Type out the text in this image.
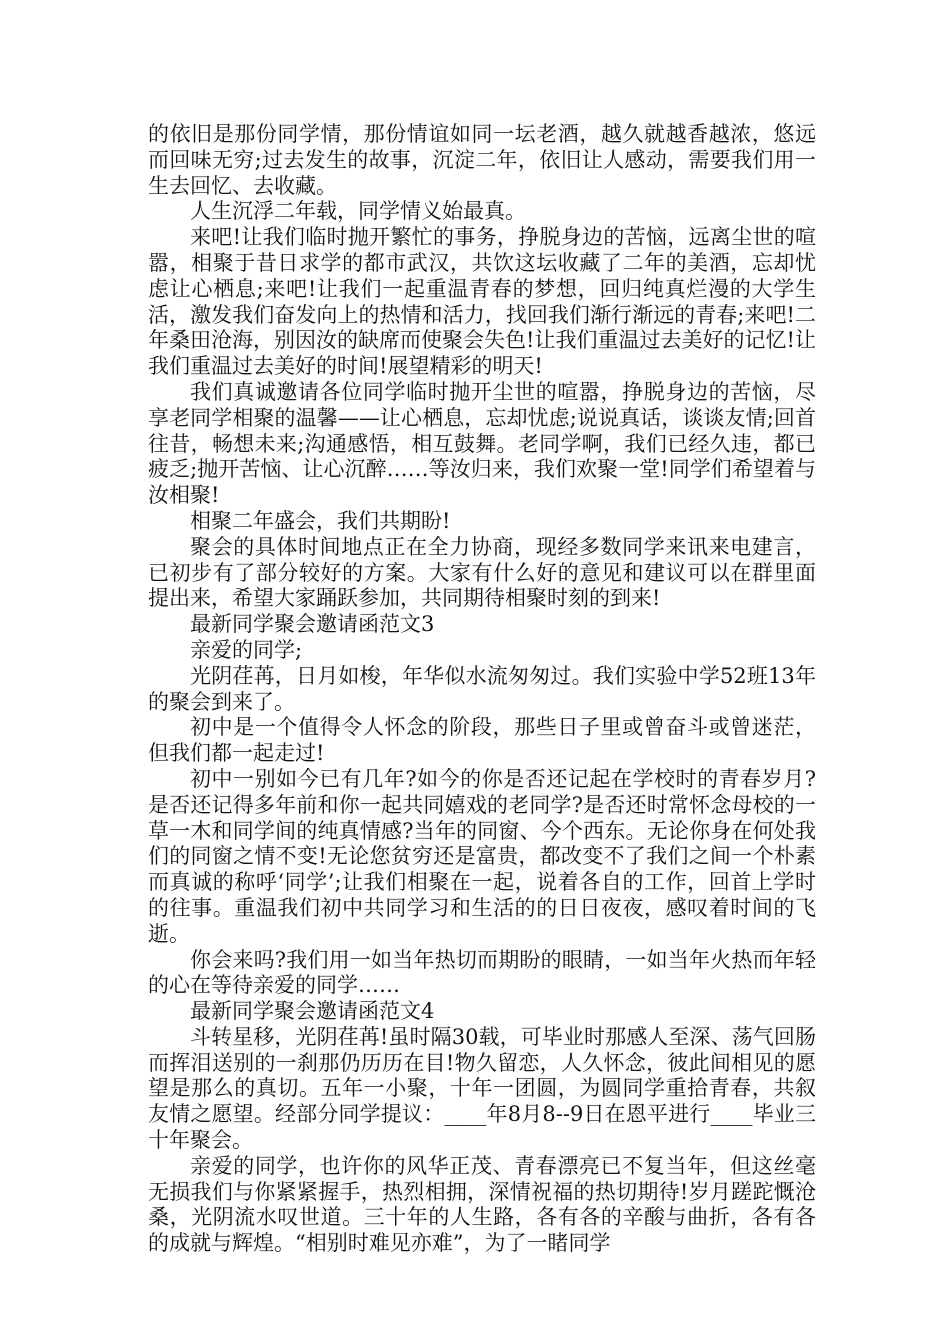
的依旧是那份同学情，那份情谊如同一坛老酒，越久就越香越浓，悠远而回味无穷;过去发生的故事，沉淀二年，依旧让人感动，需要我们用一生去回忆、去收藏。

人生沉浮二年载，同学情义始最真。

来吧!让我们临时抛开繁忙的事务，挣脱身边的苦恼，远离尘世的喧嚣，相聚于昔日求学的都市武汉，共饮这坛收藏了二年的美酒，忘却忧虑让心栖息;来吧!让我们一起重温青春的梦想，回归纯真烂漫的大学生活，激发我们奋发向上的热情和活力，找回我们渐行渐远的青春;来吧!二年桑田沧海，别因汝的缺席而使聚会失色!让我们重温过去美好的记忆!让我们重温过去美好的时间!展望精彩的明天!

我们真诚邀请各位同学临时抛开尘世的喧嚣，挣脱身边的苦恼，尽享老同学相聚的温馨——让心栖息，忘却忧虑;说说真话，谈谈友情;回首往昔，畅想未来;沟通感悟，相互鼓舞。老同学啊，我们已经久违，都已疲乏;抛开苦恼、让心沉醉……等汝归来，我们欢聚一堂!同学们希望着与汝相聚!

相聚二年盛会，我们共期盼!

聚会的具体时间地点正在全力协商，现经多数同学来讯来电建言，已初步有了部分较好的方案。大家有什么好的意见和建议可以在群里面提出来，希望大家踊跃参加，共同期待相聚时刻的到来!

最新同学聚会邀请函范文3

亲爱的同学;

光阴荏苒，日月如梭，年华似水流匆匆过。我们实验中学52班13年的聚会到来了。

初中是一个值得令人怀念的阶段，那些日子里或曾奋斗或曾迷茫，但我们都一起走过!

初中一别如今已有几年?如今的你是否还记起在学校时的青春岁月?是否还记得多年前和你一起共同嬉戏的老同学?是否还时常怀念母校的一草一木和同学间的纯真情感?当年的同窗、今个西东。无论你身在何处我们的同窗之情不变!无论您贫穷还是富贵，都改变不了我们之间一个朴素而真诚的称呼‘同学’;让我们相聚在一起，说着各自的工作，回首上学时的往事。重温我们初中共同学习和生活的的日日夜夜，感叹着时间的飞逝。

你会来吗?我们用一如当年热切而期盼的眼睛，一如当年火热而年轻的心在等待亲爱的同学……

最新同学聚会邀请函范文4

斗转星移，光阴荏苒!虽时隔30载，可毕业时那感人至深、荡气回肠而挥泪送别的一刹那仍历历在目!物久留恋，人久怀念，彼此间相见的愿望是那么的真切。五年一小聚，十年一团圆，为圆同学重拾青春，共叙友情之愿望。经部分同学提议：____年8月8--9日在恩平进行____毕业三十年聚会。

亲爱的同学，也许你的风华正茂、青春漂亮已不复当年，但这丝毫无损我们与你紧紧握手，热烈相拥，深情祝福的热切期待!岁月蹉跎慨沧桑，光阴流水叹世道。三十年的人生路，各有各的辛酸与曲折，各有各的成就与辉煌。“相别时难见亦难”，为了一睹同学
